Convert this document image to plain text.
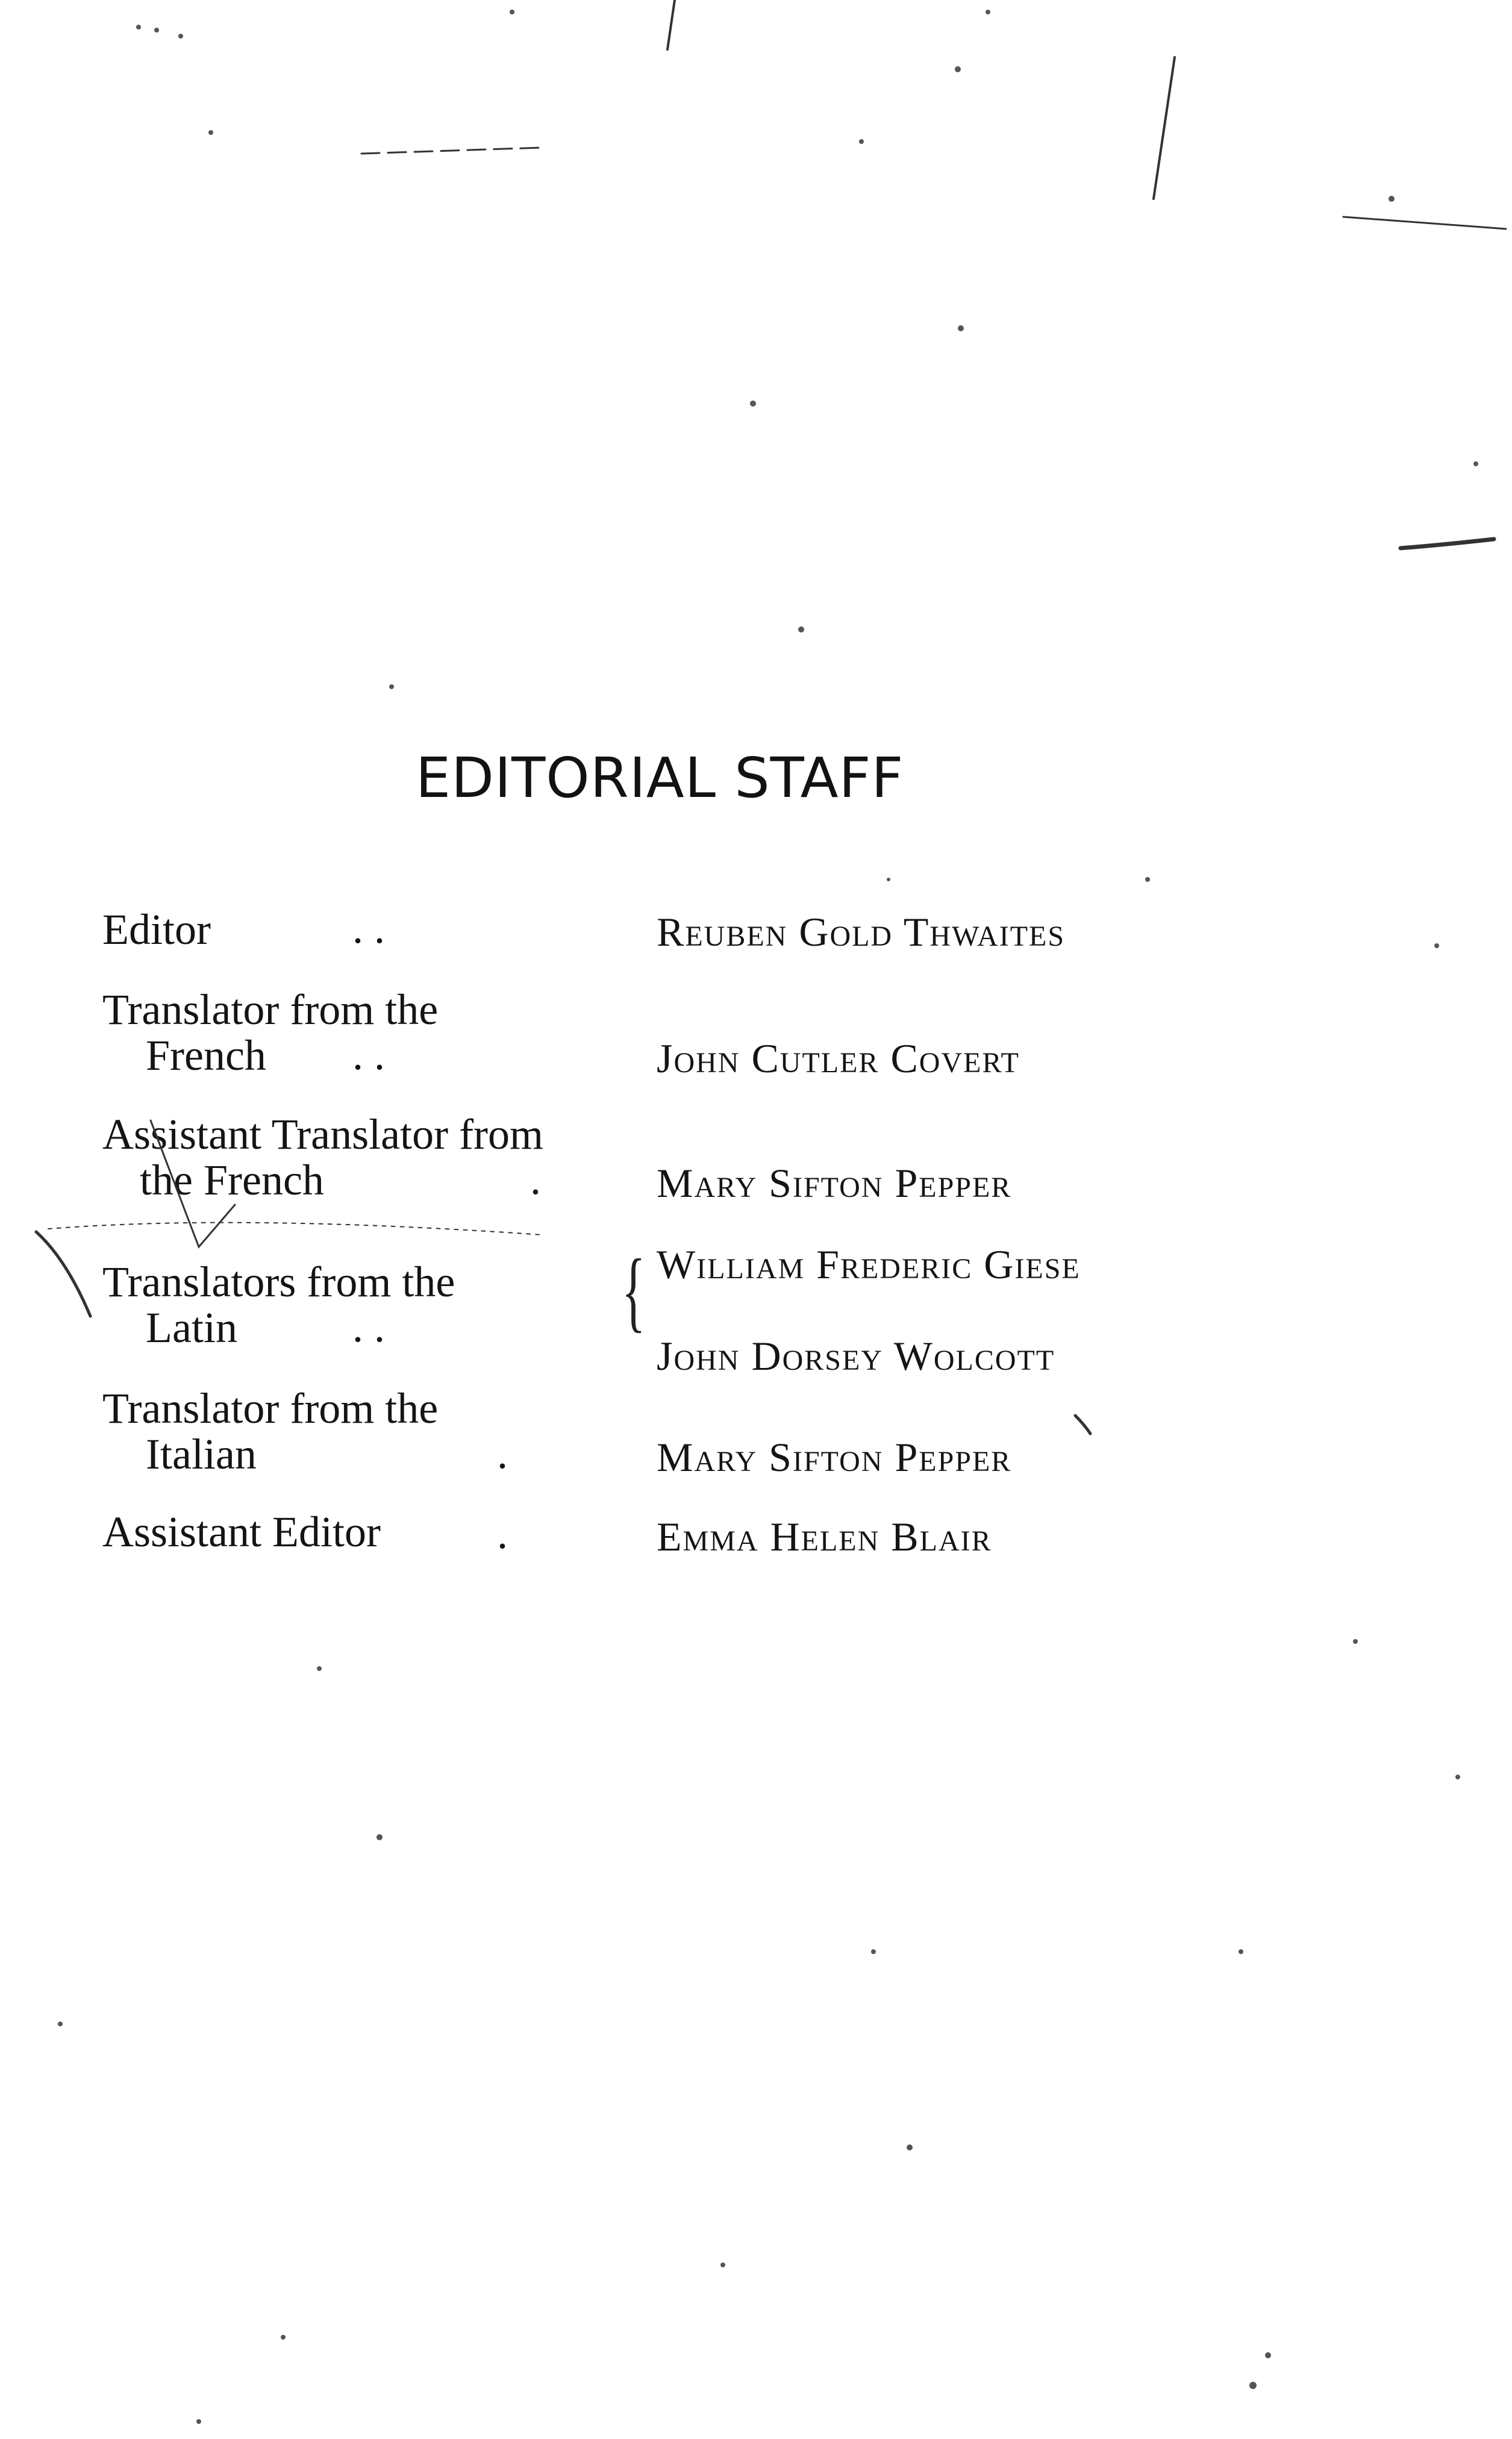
EDITORIAL STAFF
Editor	. .	Reuben Gold Thwaites
Translator from the
French	. .	John Cutler Covert
Assistant Translator from
the French	.	Mary Sifton Pepper
Translators from the
Latin	. .	{ William Frederic Giese
John Dorsey Wolcott
Translator from the
Italian	.	Mary Sifton Pepper
Assistant Editor	.	Emma Helen Blair
